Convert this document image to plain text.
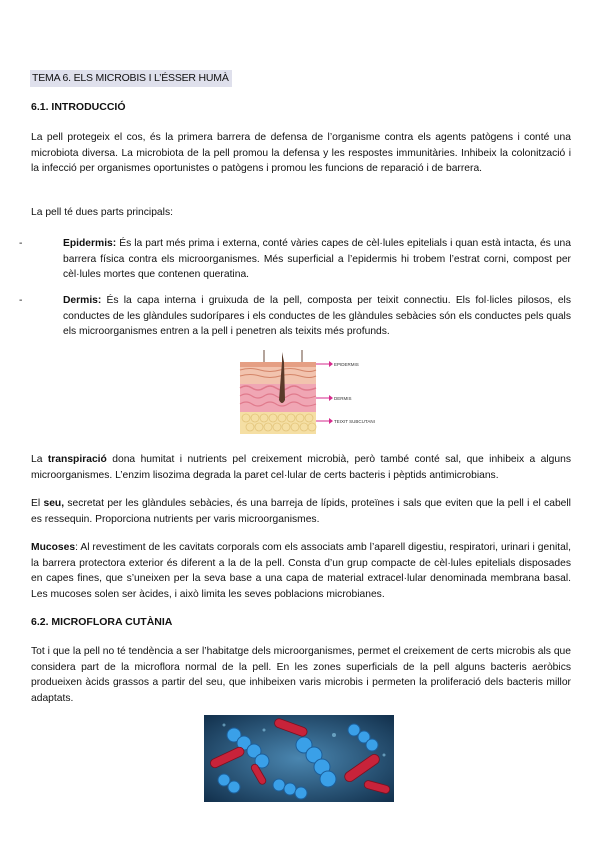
TEMA 6. ELS MICROBIS I L’ÉSSER HUMÀ
6.1. INTRODUCCIÓ
La pell protegeix el cos, és la primera barrera de defensa de l’organisme contra els agents patògens i conté una microbiota diversa. La microbiota de la pell promou la defensa y les respostes immunitàries. Inhibeix la colonització i la infecció per organismes oportunistes o patògens i promou les funcions de reparació i de barrera.
La pell té dues parts principals:
-	Epidermis: És la part més prima i externa, conté vàries capes de cèl·lules epitelials i quan està intacta, és una barrera física contra els microorganismes. Més superficial a l’epidermis hi trobem l’estrat corni, compost per cèl·lules mortes que contenen queratina.
-	Dermis: És la capa interna i gruixuda de la pell, composta per teixit connectiu. Els fol·licles pilosos, els conductes de les glàndules sudorípares i els conductes de les glàndules sebàcies són els conductes pels quals els microorganismes entren a la pell i penetren als teixits més profunds.
EPIDERMIS
DERMIS
TEIXIT SUBCUTANI
La transpiració dona humitat i nutrients pel creixement microbià, però també conté sal, que inhibeix a alguns microorganismes. L’enzim lisozima degrada la paret cel·lular de certs bacteris i pèptids antimicrobians.
El seu, secretat per les glàndules sebàcies, és una barreja de lípids, proteïnes i sals que eviten que la pell i el cabell es ressequin. Proporciona nutrients per varis microorganismes.
Mucoses: Al revestiment de les cavitats corporals com els associats amb l’aparell digestiu, respiratori, urinari i genital, la barrera protectora exterior és diferent a la de la pell. Consta d’un grup compacte de cèl·lules epitelials disposades en capes fines, que s’uneixen per la seva base a una capa de material extracel·lular denominada membrana basal. Les mucoses solen ser àcides, i això limita les seves poblacions microbianes.
6.2. MICROFLORA CUTÀNIA
Tot i que la pell no té tendència a ser l’habitatge dels microorganismes, permet el creixement de certs microbis als que considera part de la microflora normal de la pell. En les zones superficials de la pell alguns bacteris aeròbics produeixen àcids grassos a partir del seu, que inhibeixen varis microbis i permeten la proliferació dels bacteris millor adaptats.
